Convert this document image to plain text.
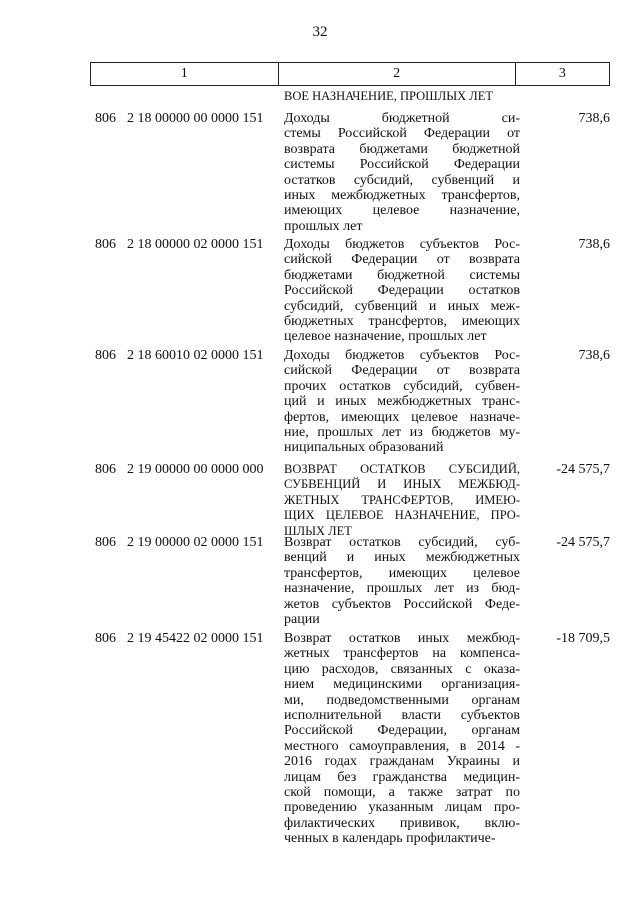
32
1	2	3
ВОЕ НАЗНАЧЕНИЕ, ПРОШЛЫХ ЛЕТ
806 2 18 00000 00 0000 151	Доходы бюджетной си-
стемы Российской Федерации от
возврата бюджетами бюджетной
системы Российской Федерации
остатков субсидий, субвенций и
иных межбюджетных трансфертов,
имеющих целевое назначение,
прошлых лет
738,6
806 2 18 00000 02 0000 151	Доходы бюджетов субъектов Рос-
сийской Федерации от возврата
бюджетами бюджетной системы
Российской Федерации остатков
субсидий, субвенций и иных меж-
бюджетных трансфертов, имеющих
целевое назначение, прошлых лет
738,6
806 2 18 60010 02 0000 151	Доходы бюджетов субъектов Рос-
сийской Федерации от возврата
прочих остатков субсидий, субвен-
ций и иных межбюджетных транс-
фертов, имеющих целевое назначе-
ние, прошлых лет из бюджетов му-
ниципальных образований
738,6
806 2 19 00000 00 0000 000	ВОЗВРАТ ОСТАТКОВ СУБСИДИЙ,
СУБВЕНЦИЙ И ИНЫХ МЕЖБЮД-
ЖЕТНЫХ ТРАНСФЕРТОВ, ИМЕЮ-
ЩИХ ЦЕЛЕВОЕ НАЗНАЧЕНИЕ, ПРО-
ШЛЫХ ЛЕТ
-24 575,7
806 2 19 00000 02 0000 151	Возврат остатков субсидий, суб-
венций и иных межбюджетных
трансфертов, имеющих целевое
назначение, прошлых лет из бюд-
жетов субъектов Российской Феде-
рации
-24 575,7
806 2 19 45422 02 0000 151	Возврат остатков иных межбюд-
жетных трансфертов на компенса-
цию расходов, связанных с оказа-
нием медицинскими организация-
ми, подведомственными органам
исполнительной власти субъектов
Российской Федерации, органам
местного самоуправления, в 2014 -
2016 годах гражданам Украины и
лицам без гражданства медицин-
ской помощи, а также затрат по
проведению указанным лицам про-
филактических прививок, вклю-
ченных в календарь профилактиче-
-18 709,5
